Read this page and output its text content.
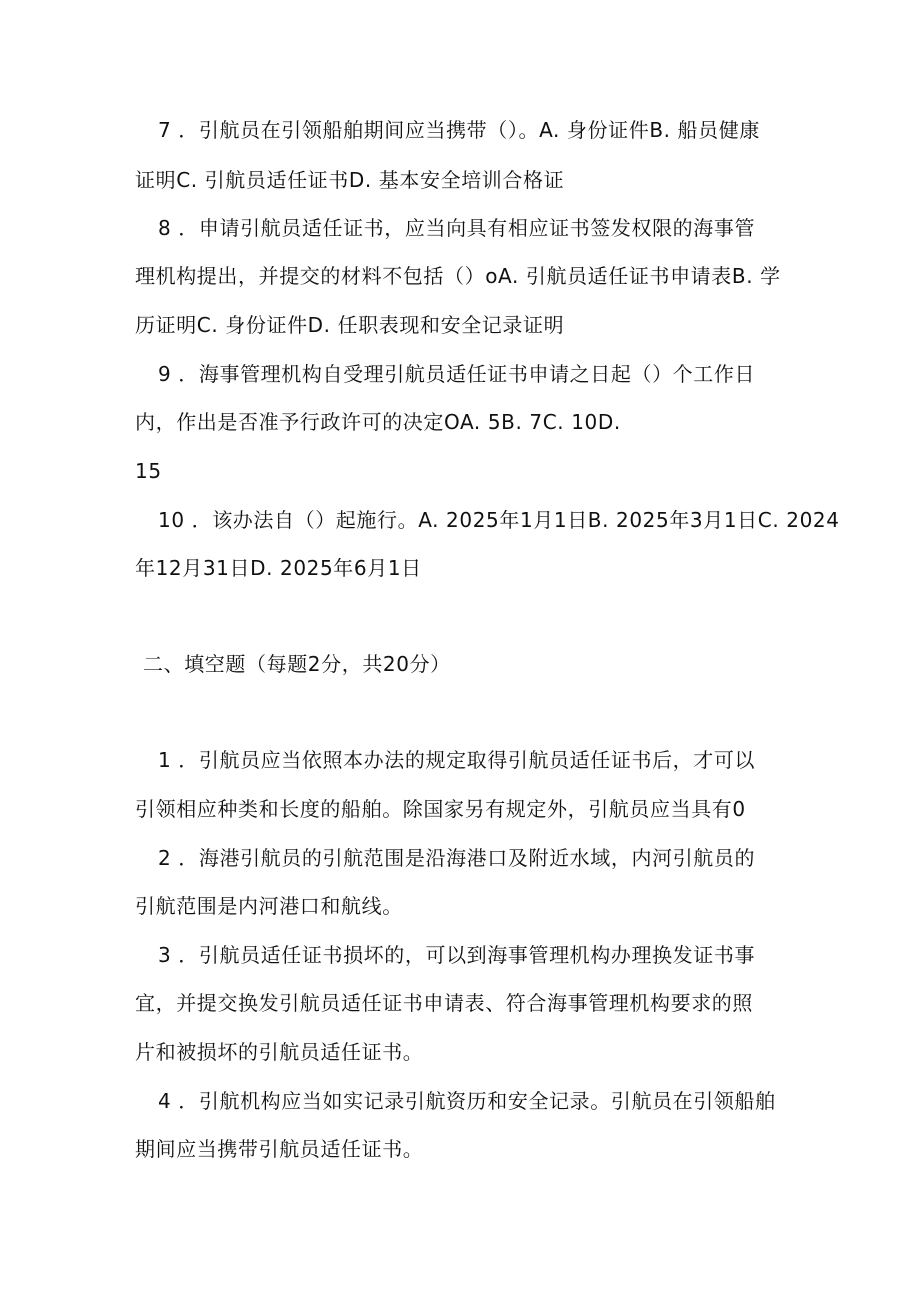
7 ．引航员在引领船舶期间应当携带（）。A. 身份证件B. 船员健康
证明C. 引航员适任证书D. 基本安全培训合格证
8 ．申请引航员适任证书，应当向具有相应证书签发权限的海事管
理机构提出，并提交的材料不包括（）oA. 引航员适任证书申请表B. 学
历证明C. 身份证件D. 任职表现和安全记录证明
9 ．海事管理机构自受理引航员适任证书申请之日起（）个工作日
内，作出是否准予行政许可的决定OA. 5B. 7C. 10D.
15
10 ．该办法自（）起施行。A. 2025年1月1日B. 2025年3月1日C. 2024
年12月31日D. 2025年6月1日
二、填空题（每题2分，共20分）
1 ．引航员应当依照本办法的规定取得引航员适任证书后，才可以
引领相应种类和长度的船舶。除国家另有规定外，引航员应当具有0
2 ．海港引航员的引航范围是沿海港口及附近水域，内河引航员的
引航范围是内河港口和航线。
3 ．引航员适任证书损坏的，可以到海事管理机构办理换发证书事
宜，并提交换发引航员适任证书申请表、符合海事管理机构要求的照
片和被损坏的引航员适任证书。
4 ．引航机构应当如实记录引航资历和安全记录。引航员在引领船舶
期间应当携带引航员适任证书。
